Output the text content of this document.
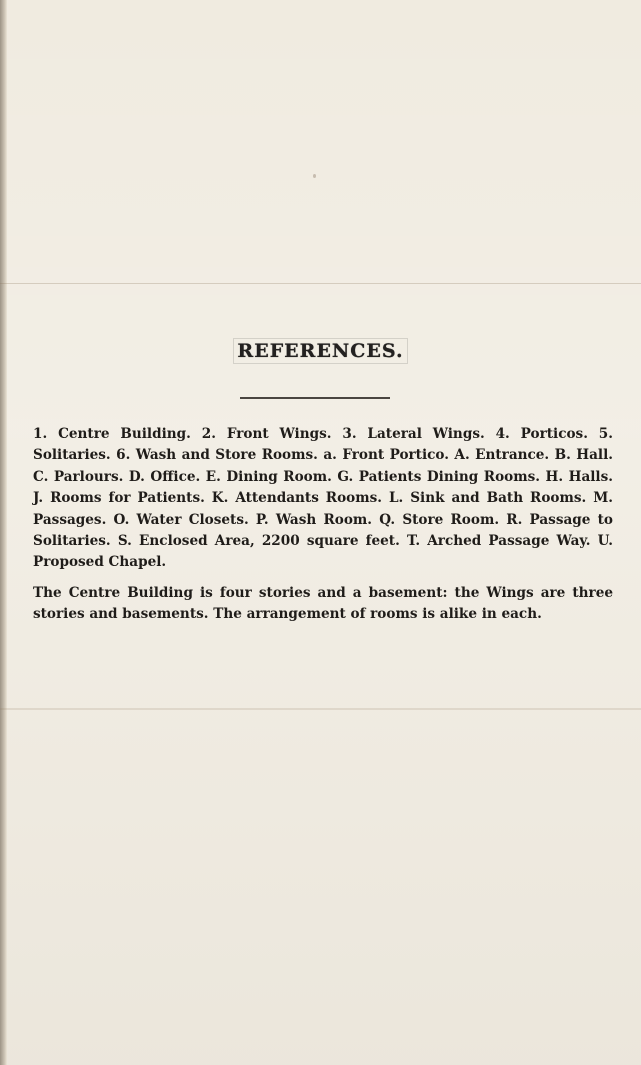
REFERENCES.

1. Centre Building. 2. Front Wings. 3. Lateral Wings. 4. Porticos. 5. Solitaries. 6. Wash and Store Rooms. a. Front Portico. A. Entrance. B. Hall. C. Parlours. D. Office. E. Dining Room. G. Patients Dining Rooms. H. Halls. J. Rooms for Patients. K. Attendants Rooms. L. Sink and Bath Rooms. M. Passages. O. Water Closets. P. Wash Room. Q. Store Room. R. Passage to Solitaries. S. Enclosed Area, 2200 square feet. T. Arched Passage Way. U. Proposed Chapel.

The Centre Building is four stories and a basement: the Wings are three stories and basements. The arrangement of rooms is alike in each.
